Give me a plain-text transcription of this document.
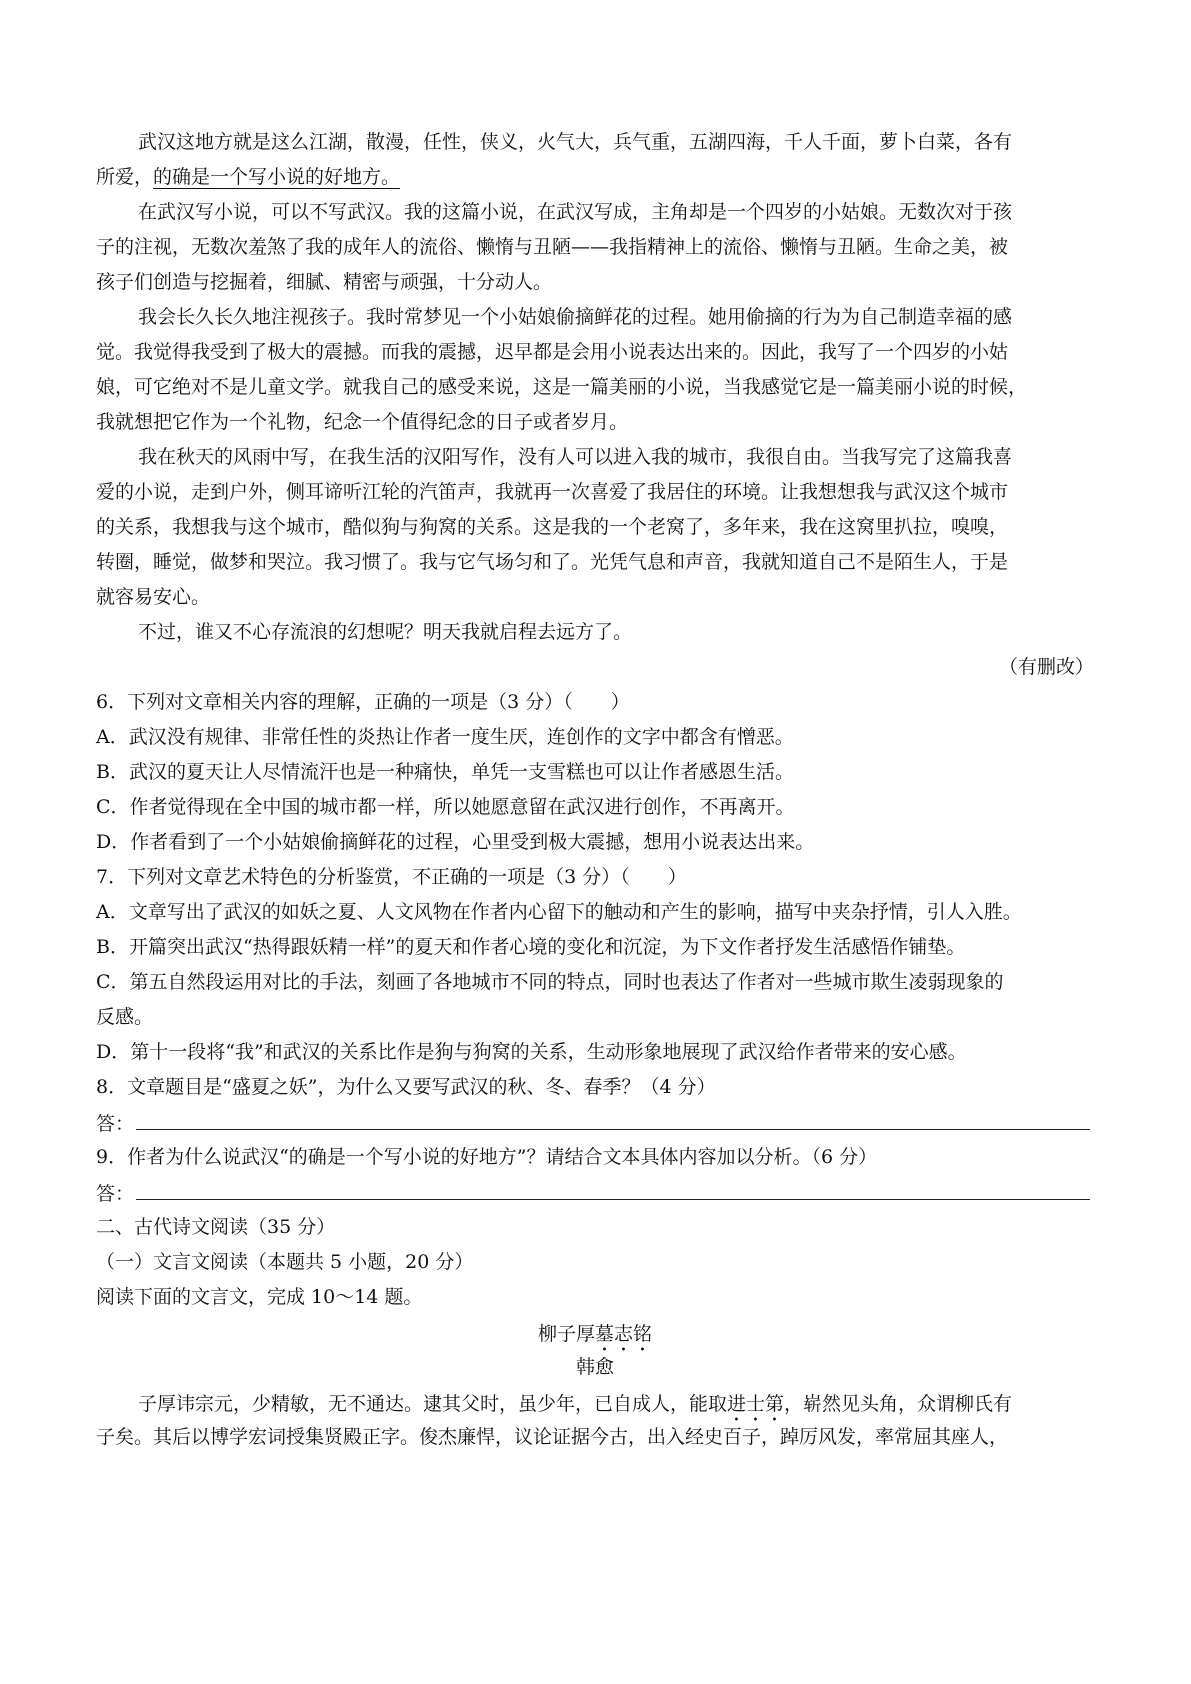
武汉这地方就是这么江湖，散漫，任性，侠义，火气大，兵气重，五湖四海，千人千面，萝卜白菜，各有

所爱，的确是一个写小说的好地方。

在武汉写小说，可以不写武汉。我的这篇小说，在武汉写成，主角却是一个四岁的小姑娘。无数次对于孩

子的注视，无数次羞煞了我的成年人的流俗、懒惰与丑陋——我指精神上的流俗、懒惰与丑陋。生命之美，被

孩子们创造与挖掘着，细腻、精密与顽强，十分动人。

我会长久长久地注视孩子。我时常梦见一个小姑娘偷摘鲜花的过程。她用偷摘的行为为自己制造幸福的感

觉。我觉得我受到了极大的震撼。而我的震撼，迟早都是会用小说表达出来的。因此，我写了一个四岁的小姑

娘，可它绝对不是儿童文学。就我自己的感受来说，这是一篇美丽的小说，当我感觉它是一篇美丽小说的时候，

我就想把它作为一个礼物，纪念一个值得纪念的日子或者岁月。

我在秋天的风雨中写，在我生活的汉阳写作，没有人可以进入我的城市，我很自由。当我写完了这篇我喜

爱的小说，走到户外，侧耳谛听江轮的汽笛声，我就再一次喜爱了我居住的环境。让我想想我与武汉这个城市

的关系，我想我与这个城市，酷似狗与狗窝的关系。这是我的一个老窝了，多年来，我在这窝里扒拉，嗅嗅，

转圈，睡觉，做梦和哭泣。我习惯了。我与它气场匀和了。光凭气息和声音，我就知道自己不是陌生人，于是

就容易安心。

不过，谁又不心存流浪的幻想呢？明天我就启程去远方了。

（有删改）

6．下列对文章相关内容的理解，正确的一项是（3 分）（　　）

A．武汉没有规律、非常任性的炎热让作者一度生厌，连创作的文字中都含有憎恶。

B．武汉的夏天让人尽情流汗也是一种痛快，单凭一支雪糕也可以让作者感恩生活。

C．作者觉得现在全中国的城市都一样，所以她愿意留在武汉进行创作，不再离开。

D．作者看到了一个小姑娘偷摘鲜花的过程，心里受到极大震撼，想用小说表达出来。

7．下列对文章艺术特色的分析鉴赏，不正确的一项是（3 分）（　　）

A．文章写出了武汉的如妖之夏、人文风物在作者内心留下的触动和产生的影响，描写中夹杂抒情，引人入胜。

B．开篇突出武汉“热得跟妖精一样”的夏天和作者心境的变化和沉淀，为下文作者抒发生活感悟作铺垫。

C．第五自然段运用对比的手法，刻画了各地城市不同的特点，同时也表达了作者对一些城市欺生凌弱现象的

反感。

D．第十一段将“我”和武汉的关系比作是狗与狗窝的关系，生动形象地展现了武汉给作者带来的安心感。

8．文章题目是“盛夏之妖”，为什么又要写武汉的秋、冬、春季？（4 分）

答：

9．作者为什么说武汉“的确是一个写小说的好地方”？请结合文本具体内容加以分析。（6 分）

答：

二、古代诗文阅读（35 分）

（一）文言文阅读（本题共 5 小题，20 分）

阅读下面的文言文，完成 10～14 题。

柳子厚墓志铭

韩愈

子厚讳宗元，少精敏，无不通达。逮其父时，虽少年，已自成人，能取进士第，崭然见头角，众谓柳氏有

子矣。其后以博学宏词授集贤殿正字。俊杰廉悍，议论证据今古，出入经史百子，踔厉风发，率常屈其座人，
